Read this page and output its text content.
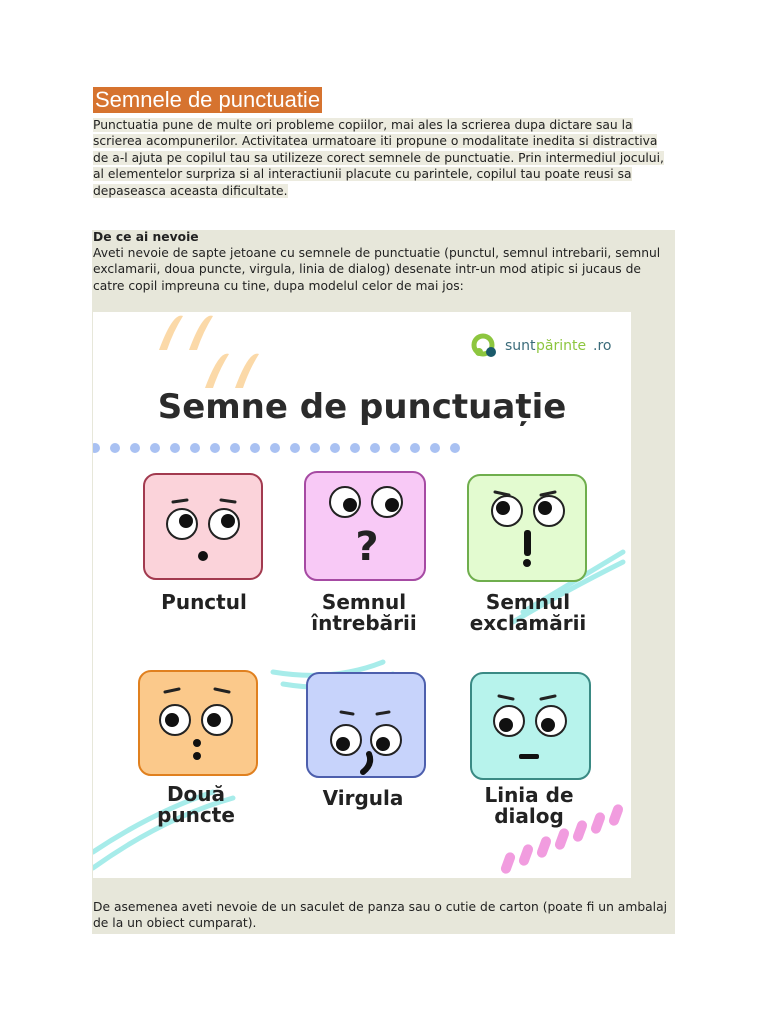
Semnele de punctuatie
Punctuatia pune de multe ori probleme copiilor, mai ales la scrierea dupa dictare sau la scrierea acompunerilor. Activitatea urmatoare iti propune o modalitate inedita si distractiva de a-l ajuta pe copilul tau sa utilizeze corect semnele de punctuatie. Prin intermediul jocului, al elementelor surpriza si al interactiunii placute cu parintele, copilul tau poate reusi sa depaseasca aceasta dificultate.
De ce ai nevoie
Aveti nevoie de sapte jetoane cu semnele de punctuatie (punctul, semnul intrebarii, semnul exclamarii, doua puncte, virgula, linia de dialog) desenate intr-un mod atipic si jucaus de catre copil impreuna cu tine, dupa modelul celor de mai jos:
sunt părinte .ro
Semne de punctuație
Punctul
?
Semnul
întrebării
Semnul
exclamării
Două
puncte
Virgula	Linia de
dialog
De asemenea aveti nevoie de un saculet de panza sau o cutie de carton (poate fi un ambalaj de la un obiect cumparat).
